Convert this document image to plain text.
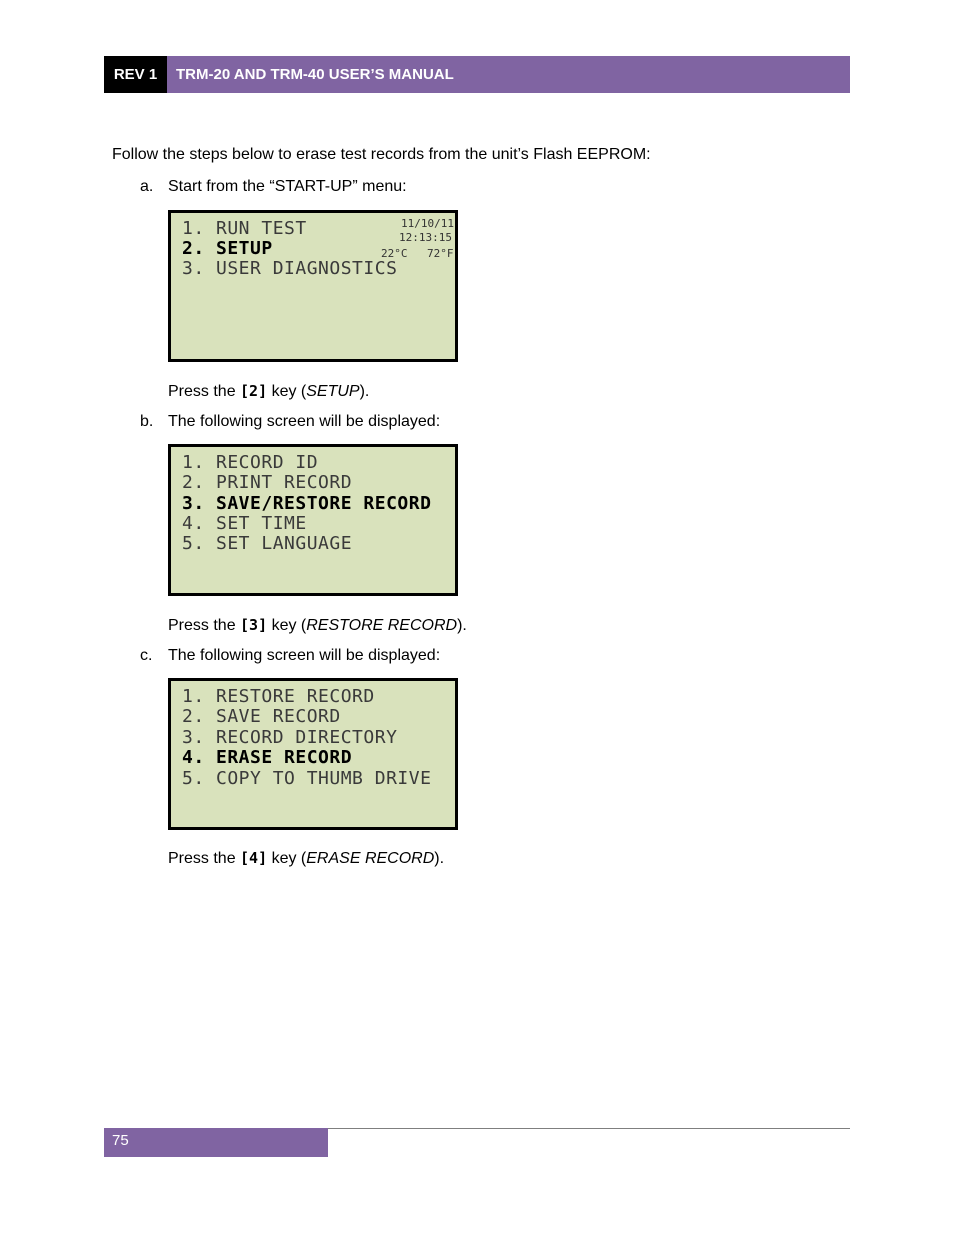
REV 1	TRM-20 AND TRM-40 USER’S MANUAL
Follow the steps below to erase test records from the unit’s Flash EEPROM:
a. Start from the “START-UP” menu:
1. RUN TEST
2. SETUP
3. USER DIAGNOSTICS
11/10/11
12:13:15
22°C 72°F
Press the [2] key (SETUP).
b. The following screen will be displayed:
1. RECORD ID
2. PRINT RECORD
3. SAVE/RESTORE RECORD
4. SET TIME
5. SET LANGUAGE
Press the [3] key (RESTORE RECORD).
c. The following screen will be displayed:
1. RESTORE RECORD
2. SAVE RECORD
3. RECORD DIRECTORY
4. ERASE RECORD
5. COPY TO THUMB DRIVE
Press the [4] key (ERASE RECORD).
75
